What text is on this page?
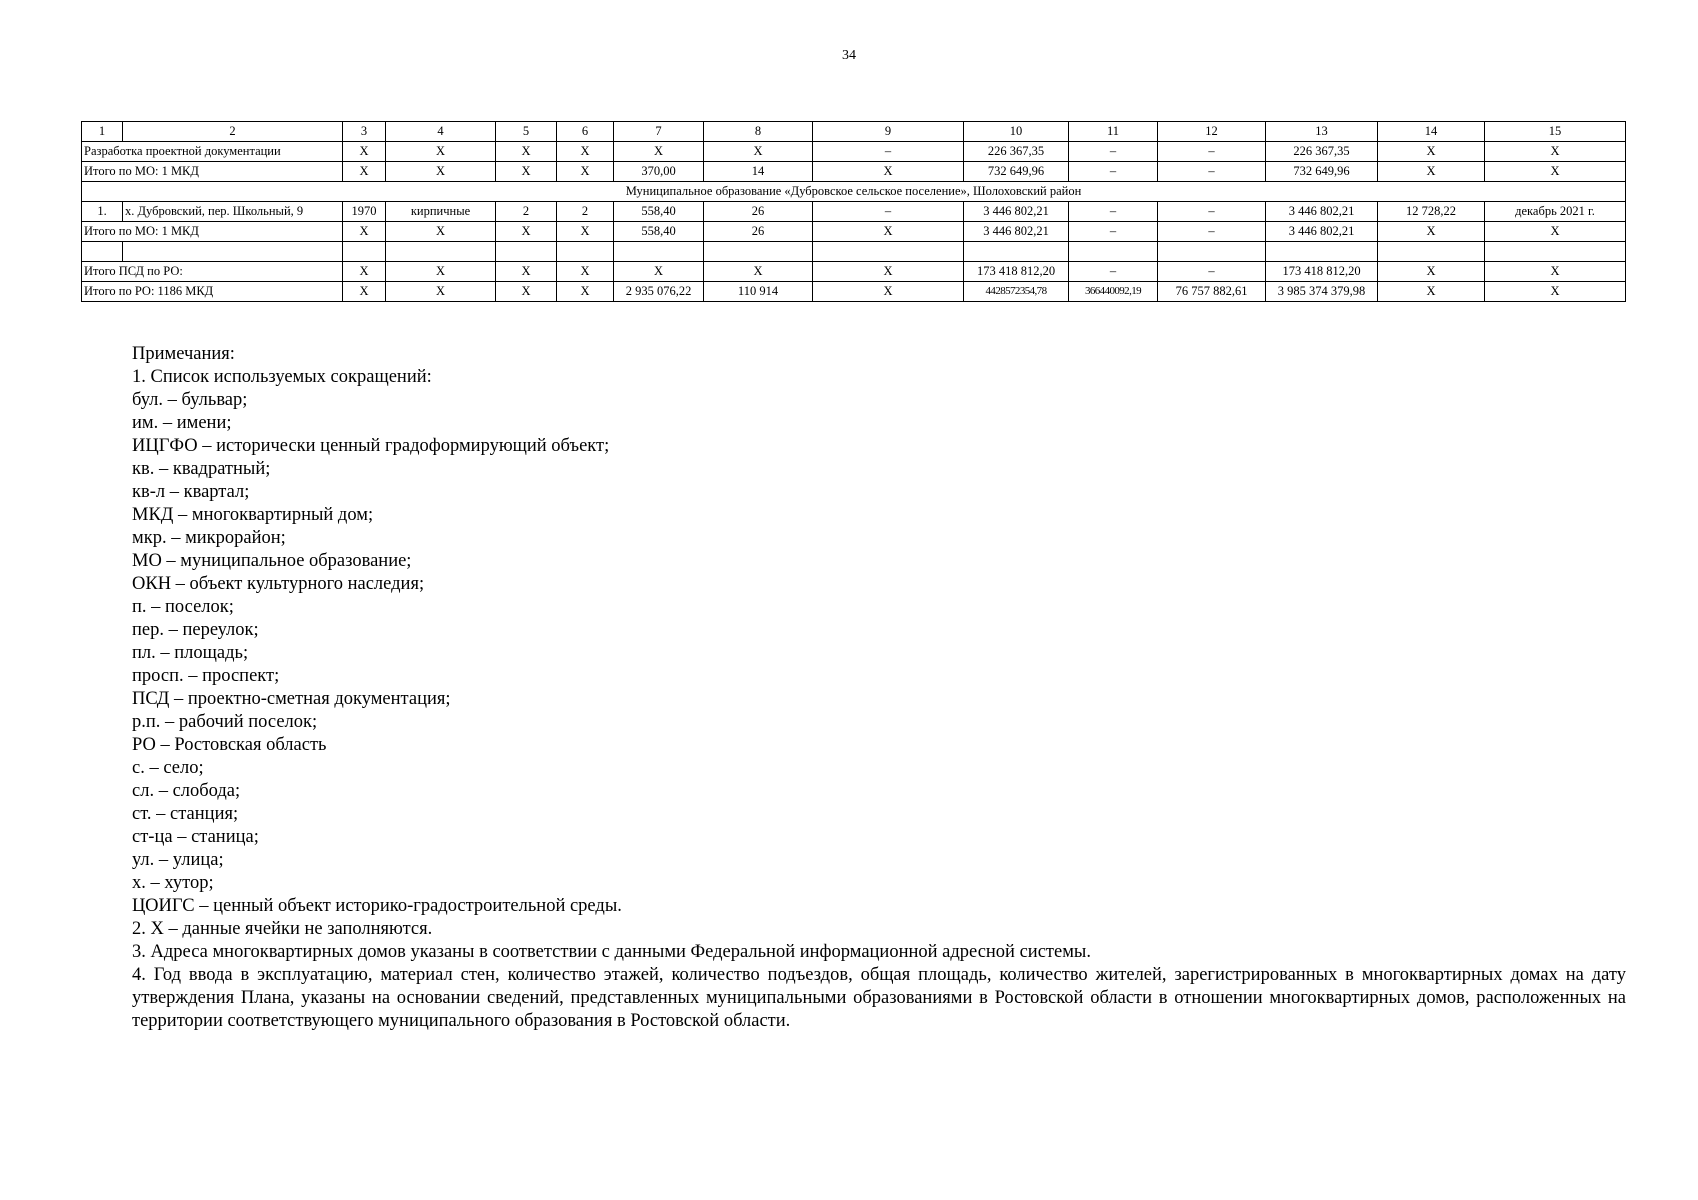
34
1	2	3	4	5	6	7	8	9	10	11	12	13	14	15
Разработка проектной документации		X	X	X	X	X	X	–	226 367,35	–	–	226 367,35	X	X
Итого по МО: 1 МКД		X	X	X	X	370,00	14	X	732 649,96	–	–	732 649,96	X	X
Муниципальное образование «Дубровское сельское поселение», Шолоховский район														
1.	х. Дубровский, пер. Школьный, 9	1970	кирпичные	2	2	558,40	26	–	3 446 802,21	–	–	3 446 802,21	12 728,22	декабрь 2021 г.
Итого по МО: 1 МКД		X	X	X	X	558,40	26	X	3 446 802,21	–	–	3 446 802,21	X	X

Итого ПСД по РО:		X	X	X	X	X	X	X	173 418 812,20	–	–	173 418 812,20	X	X
Итого по РО: 1186 МКД		X	X	X	X	2 935 076,22	110 914	X	4428572354,78	366440092,19	76 757 882,61	3 985 374 379,98	X	X
Примечания:
1. Список используемых сокращений:
бул. – бульвар;
им. – имени;
ИЦГФО – исторически ценный градоформирующий объект;
кв. – квадратный;
кв-л – квартал;
МКД – многоквартирный дом;
мкр. – микрорайон;
МО – муниципальное образование;
ОКН – объект культурного наследия;
п. – поселок;
пер. – переулок;
пл. – площадь;
просп. – проспект;
ПСД – проектно-сметная документация;
р.п. – рабочий поселок;
РО – Ростовская область
с. – село;
сл. – слобода;
ст. – станция;
ст-ца – станица;
ул. – улица;
х. – хутор;
ЦОИГС – ценный объект историко-градостроительной среды.
2. X – данные ячейки не заполняются.
3. Адреса многоквартирных домов указаны в соответствии с данными Федеральной информационной адресной системы.
4. Год ввода в эксплуатацию, материал стен, количество этажей, количество подъездов, общая площадь, количество жителей, зарегистрированных в многоквартирных домах на дату утверждения Плана, указаны на основании сведений, представленных муниципальными образованиями в Ростовской области в отношении многоквартирных домов, расположенных на территории соответствующего муниципального образования в Ростовской области.
